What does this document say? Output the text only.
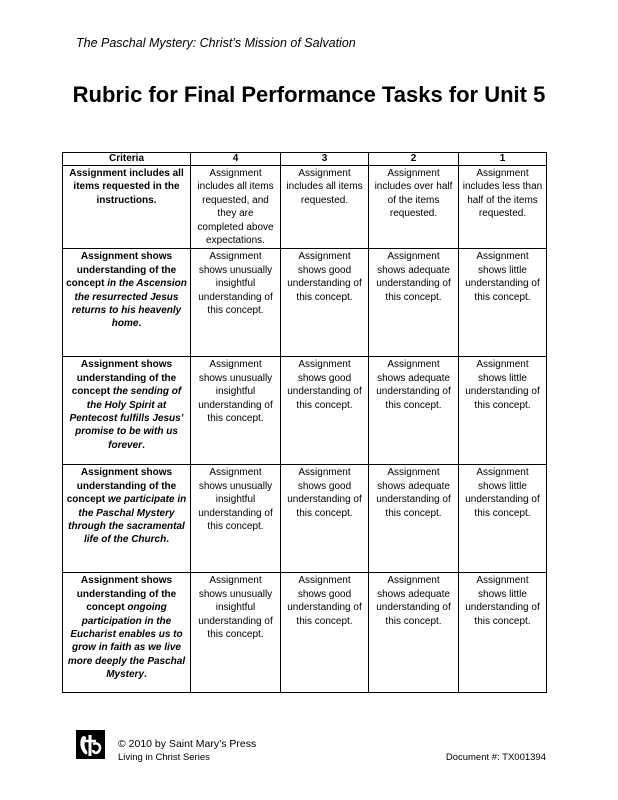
The Paschal Mystery: Christ’s Mission of Salvation
Rubric for Final Performance Tasks for Unit 5
Criteria	4	3	2	1
Assignment includes all items requested in the instructions.	Assignment includes all items requested, and they are completed above expectations.	Assignment includes all items requested.	Assignment includes over half of the items requested.	Assignment includes less than half of the items requested.
Assignment shows understanding of the concept in the Ascension the resurrected Jesus returns to his heavenly home.	Assignment shows unusually insightful understanding of this concept.	Assignment shows good understanding of this concept.	Assignment shows adequate understanding of this concept.	Assignment shows little understanding of this concept.
Assignment shows understanding of the concept the sending of the Holy Spirit at Pentecost fulfills Jesus’ promise to be with us forever.	Assignment shows unusually insightful understanding of this concept.	Assignment shows good understanding of this concept.	Assignment shows adequate understanding of this concept.	Assignment shows little understanding of this concept.
Assignment shows understanding of the concept we participate in the Paschal Mystery through the sacramental life of the Church.	Assignment shows unusually insightful understanding of this concept.	Assignment shows good understanding of this concept.	Assignment shows adequate understanding of this concept.	Assignment shows little understanding of this concept.
Assignment shows understanding of the concept ongoing participation in the Eucharist enables us to grow in faith as we live more deeply the Paschal Mystery.	Assignment shows unusually insightful understanding of this concept.	Assignment shows good understanding of this concept.	Assignment shows adequate understanding of this concept.	Assignment shows little understanding of this concept.
© 2010 by Saint Mary’s Press
Living in Christ Series	Document #: TX001394
